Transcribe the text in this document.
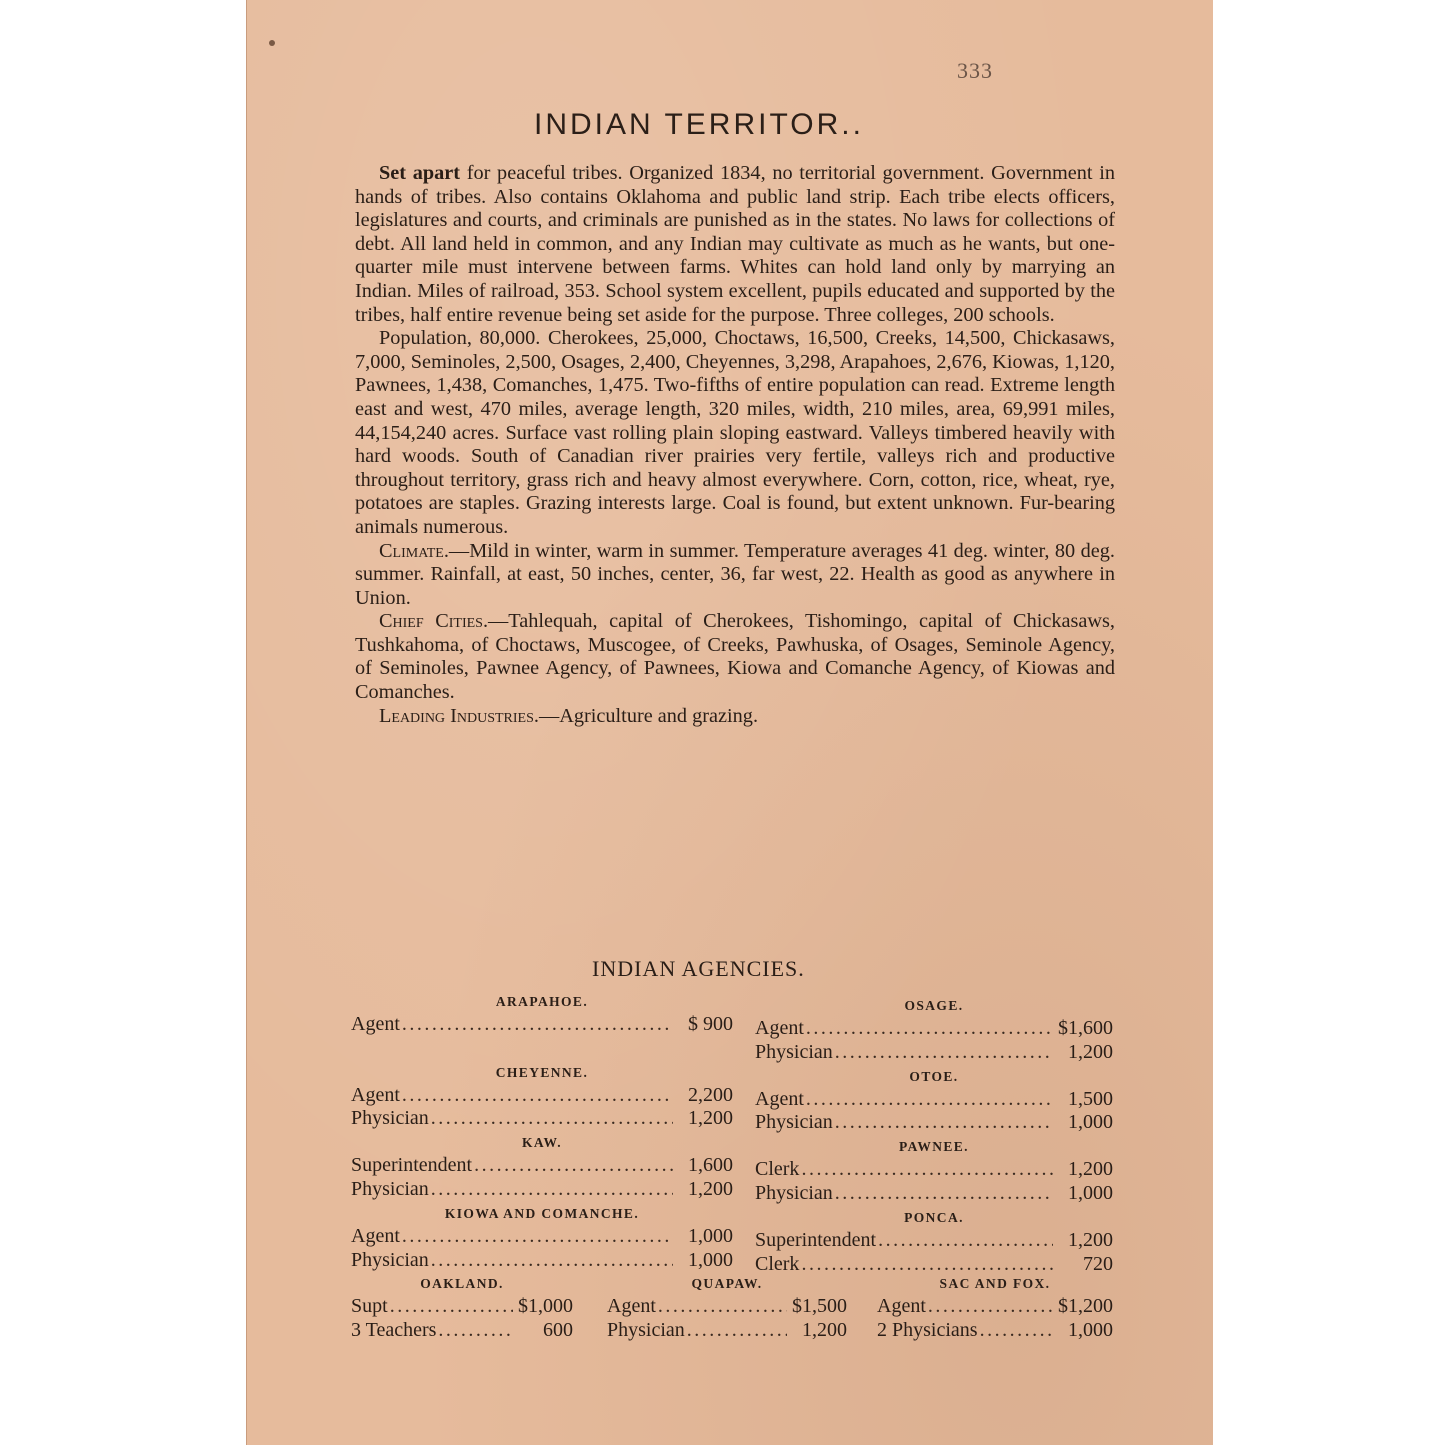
333
INDIAN TERRITOR..

Set apart for peaceful tribes. Organized 1834, no territorial government. Government in hands of tribes. Also contains Oklahoma and public land strip. Each tribe elects officers, legislatures and courts, and criminals are punished as in the states. No laws for collections of debt. All land held in common, and any Indian may cultivate as much as he wants, but one-quarter mile must intervene between farms. Whites can hold land only by marrying an Indian. Miles of railroad, 353. School system excellent, pupils educated and supported by the tribes, half entire revenue being set aside for the purpose. Three colleges, 200 schools.

Population, 80,000. Cherokees, 25,000, Choctaws, 16,500, Creeks, 14,500, Chickasaws, 7,000, Seminoles, 2,500, Osages, 2,400, Cheyennes, 3,298, Arapahoes, 2,676, Kiowas, 1,120, Pawnees, 1,438, Comanches, 1,475. Two-fifths of entire population can read. Extreme length east and west, 470 miles, average length, 320 miles, width, 210 miles, area, 69,991 miles, 44,154,240 acres. Surface vast rolling plain sloping eastward. Valleys timbered heavily with hard woods. South of Canadian river prairies very fertile, valleys rich and productive throughout territory, grass rich and heavy almost everywhere. Corn, cotton, rice, wheat, rye, potatoes are staples. Grazing interests large. Coal is found, but extent unknown. Fur-bearing animals numerous.

Climate.—Mild in winter, warm in summer. Temperature averages 41 deg. winter, 80 deg. summer. Rainfall, at east, 50 inches, center, 36, far west, 22. Health as good as anywhere in Union.

Chief Cities.—Tahlequah, capital of Cherokees, Tishomingo, capital of Chickasaws, Tushkahoma, of Choctaws, Muscogee, of Creeks, Pawhuska, of Osages, Seminole Agency, of Seminoles, Pawnee Agency, of Pawnees, Kiowa and Comanche Agency, of Kiowas and Comanches.

Leading Industries.—Agriculture and grazing.

INDIAN AGENCIES.
ARAPAHOE.
Agent .....	$ 900
CHEYENNE.
Agent .....	2,200
Physician .....	1,200
KAW.
Superintendent .....	1,600
Physician .....	1,200
KIOWA AND COMANCHE.
Agent .....	1,000
Physician .....	1,000
OSAGE.
Agent .....	$1,600
Physician .....	1,200
OTOE.
Agent .....	1,500
Physician .....	1,000
PAWNEE.
Clerk .....	1,200
Physician .....	1,000
PONCA.
Superintendent .....	1,200
Clerk .....	720
OAKLAND.
Supt .....	$1,000
3 Teachers .....	600
QUAPAW.
Agent .....	$1,500
Physician .....	1,200
SAC AND FOX.
Agent .....	$1,200
2 Physicians .....	1,000
